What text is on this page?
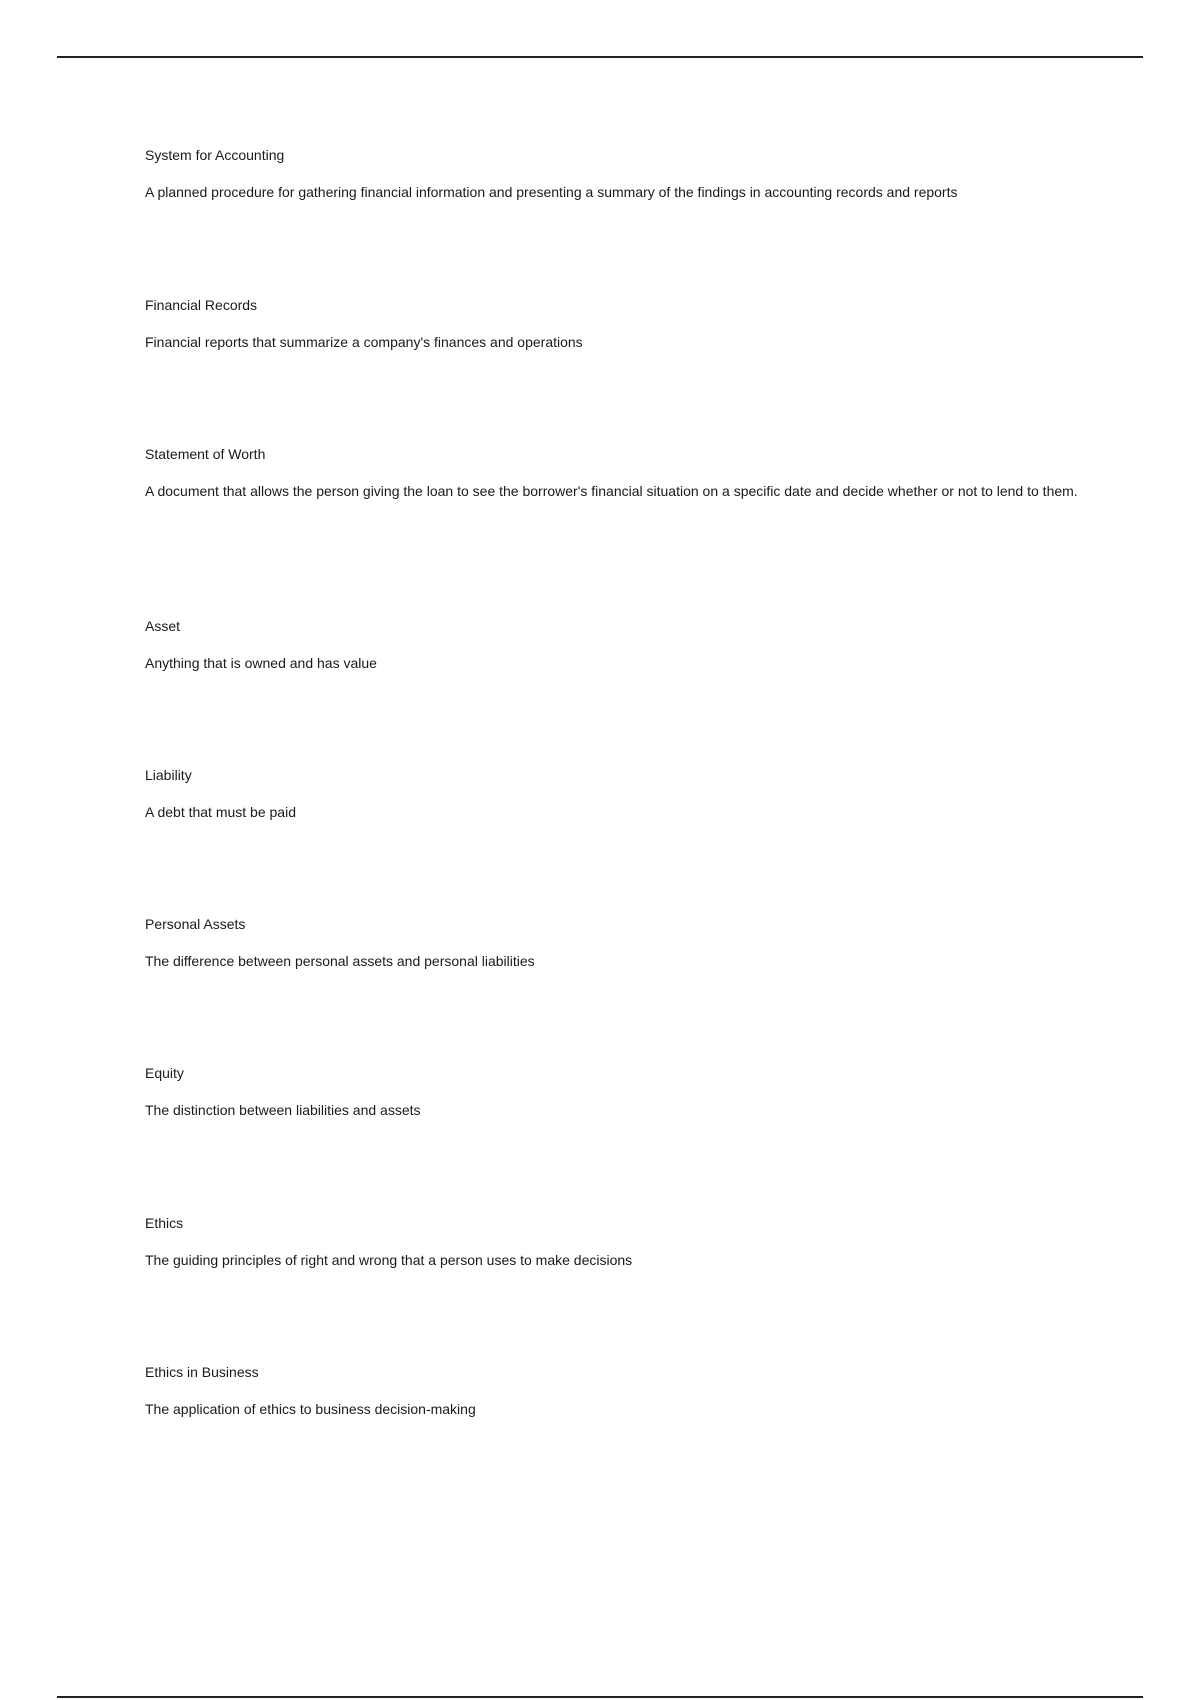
System for Accounting

A planned procedure for gathering financial information and presenting a summary of the findings in accounting records and reports

Financial Records

Financial reports that summarize a company's finances and operations

Statement of Worth

A document that allows the person giving the loan to see the borrower's financial situation on a specific date and decide whether or not to lend to them.

Asset

Anything that is owned and has value

Liability

A debt that must be paid

Personal Assets

The difference between personal assets and personal liabilities

Equity

The distinction between liabilities and assets

Ethics

The guiding principles of right and wrong that a person uses to make decisions

Ethics in Business

The application of ethics to business decision-making
